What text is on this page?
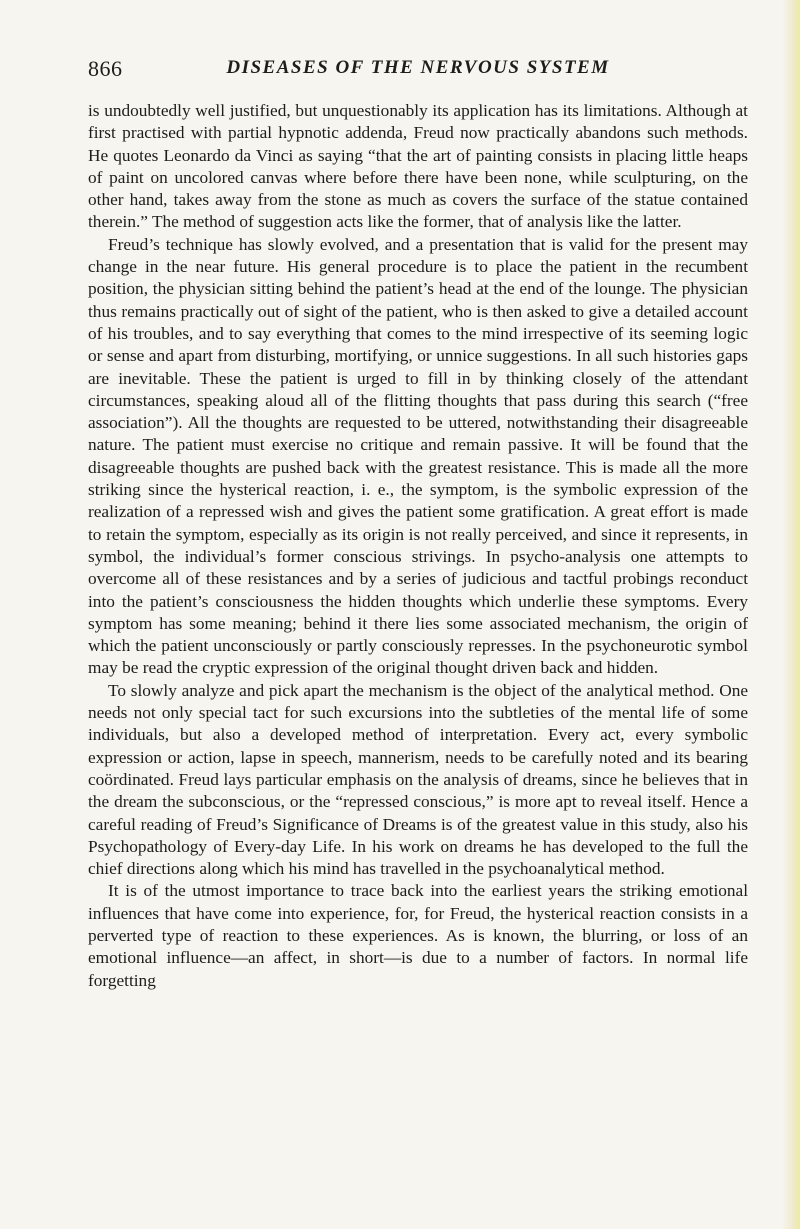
866	DISEASES OF THE NERVOUS SYSTEM

is undoubtedly well justified, but unquestionably its application has its limitations. Although at first practised with partial hypnotic addenda, Freud now practically abandons such methods. He quotes Leonardo da Vinci as saying “that the art of painting consists in placing little heaps of paint on uncolored canvas where before there have been none, while sculpturing, on the other hand, takes away from the stone as much as covers the surface of the statue contained therein.” The method of suggestion acts like the former, that of analysis like the latter.

Freud’s technique has slowly evolved, and a presentation that is valid for the present may change in the near future. His general procedure is to place the patient in the recumbent position, the physician sitting behind the patient’s head at the end of the lounge. The physician thus remains practically out of sight of the patient, who is then asked to give a detailed account of his troubles, and to say everything that comes to the mind irrespective of its seeming logic or sense and apart from disturbing, mortifying, or unnice suggestions. In all such histories gaps are inevitable. These the patient is urged to fill in by thinking closely of the attendant circumstances, speaking aloud all of the flitting thoughts that pass during this search (“free association”). All the thoughts are requested to be uttered, notwithstanding their disagreeable nature. The patient must exercise no critique and remain passive. It will be found that the disagreeable thoughts are pushed back with the greatest resistance. This is made all the more striking since the hysterical reaction, i. e., the symptom, is the symbolic expression of the realization of a repressed wish and gives the patient some gratification. A great effort is made to retain the symptom, especially as its origin is not really perceived, and since it represents, in symbol, the individual’s former conscious strivings. In psycho-analysis one attempts to overcome all of these resistances and by a series of judicious and tactful probings reconduct into the patient’s consciousness the hidden thoughts which underlie these symptoms. Every symptom has some meaning; behind it there lies some associated mechanism, the origin of which the patient unconsciously or partly consciously represses. In the psychoneurotic symbol may be read the cryptic expression of the original thought driven back and hidden.

To slowly analyze and pick apart the mechanism is the object of the analytical method. One needs not only special tact for such excursions into the subtleties of the mental life of some individuals, but also a developed method of interpretation. Every act, every symbolic expression or action, lapse in speech, mannerism, needs to be carefully noted and its bearing coördinated. Freud lays particular emphasis on the analysis of dreams, since he believes that in the dream the subconscious, or the “repressed conscious,” is more apt to reveal itself. Hence a careful reading of Freud’s Significance of Dreams is of the greatest value in this study, also his Psychopathology of Every-day Life. In his work on dreams he has developed to the full the chief directions along which his mind has travelled in the psychoanalytical method.

It is of the utmost importance to trace back into the earliest years the striking emotional influences that have come into experience, for, for Freud, the hysterical reaction consists in a perverted type of reaction to these experiences. As is known, the blurring, or loss of an emotional influence—an affect, in short—is due to a number of factors. In normal life forgetting
